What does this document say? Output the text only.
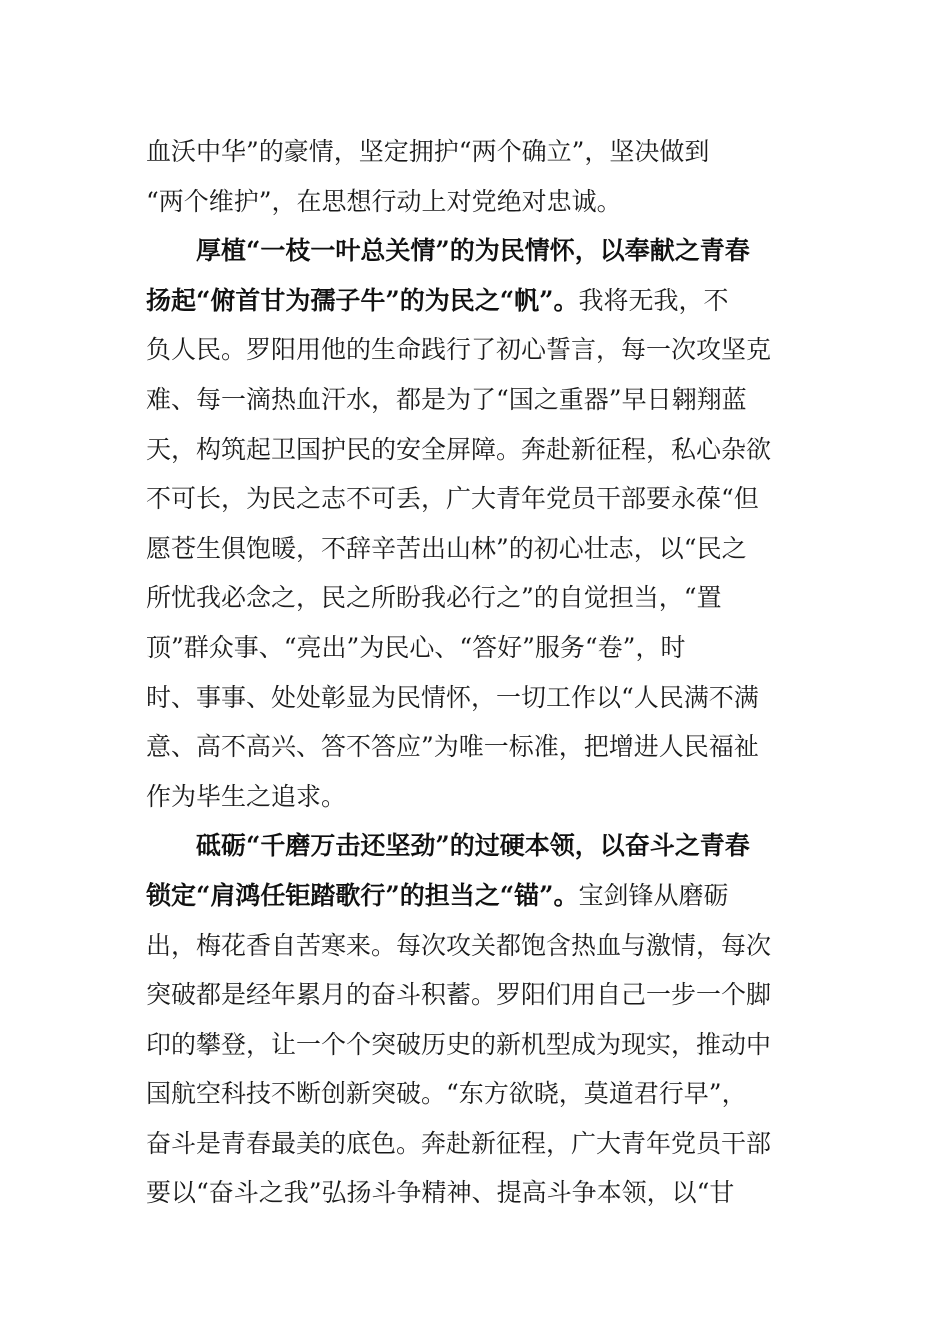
血沃中华”的豪情，坚定拥护“两个确立”，坚决做到
“两个维护”，在思想行动上对党绝对忠诚。
厚植“一枝一叶总关情”的为民情怀，以奉献之青春
扬起“俯首甘为孺子牛”的为民之“帆”。我将无我，不
负人民。罗阳用他的生命践行了初心誓言，每一次攻坚克
难、每一滴热血汗水，都是为了“国之重器”早日翱翔蓝
天，构筑起卫国护民的安全屏障。奔赴新征程，私心杂欲
不可长，为民之志不可丢，广大青年党员干部要永葆“但
愿苍生俱饱暖，不辞辛苦出山林”的初心壮志，以“民之
所忧我必念之，民之所盼我必行之”的自觉担当，“置
顶”群众事、“亮出”为民心、“答好”服务“卷”，时
时、事事、处处彰显为民情怀，一切工作以“人民满不满
意、高不高兴、答不答应”为唯一标准，把增进人民福祉
作为毕生之追求。
砥砺“千磨万击还坚劲”的过硬本领，以奋斗之青春
锁定“肩鸿任钜踏歌行”的担当之“锚”。宝剑锋从磨砺
出，梅花香自苦寒来。每次攻关都饱含热血与激情，每次
突破都是经年累月的奋斗积蓄。罗阳们用自己一步一个脚
印的攀登，让一个个突破历史的新机型成为现实，推动中
国航空科技不断创新突破。“东方欲晓，莫道君行早”，
奋斗是青春最美的底色。奔赴新征程，广大青年党员干部
要以“奋斗之我”弘扬斗争精神、提高斗争本领，以“甘
